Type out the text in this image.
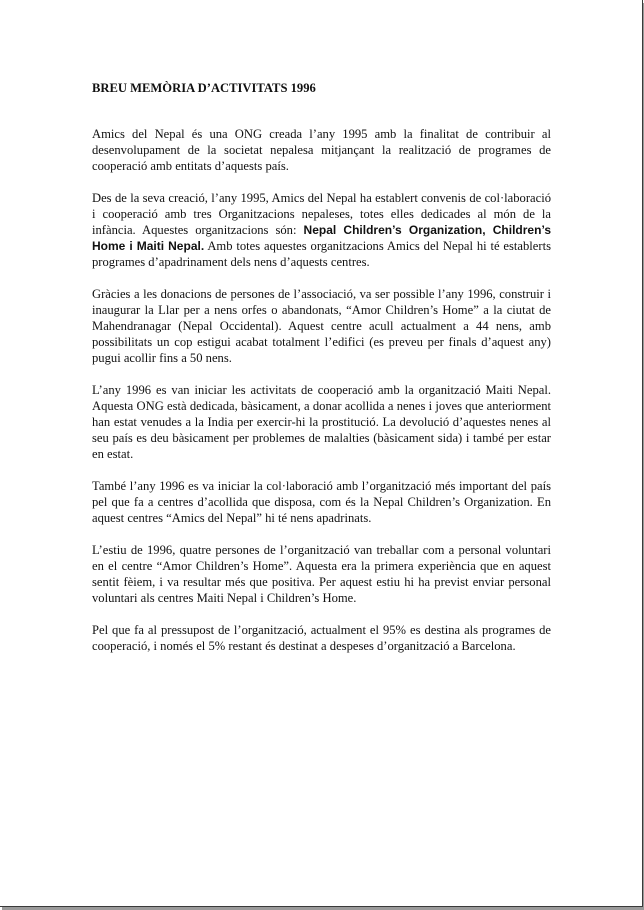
BREU MEMÒRIA D’ACTIVITATS 1996

Amics del Nepal és una ONG creada l’any 1995 amb la finalitat de contribuir al desenvolupament de la societat nepalesa mitjançant la realització de programes de cooperació amb entitats d’aquests país.

Des de la seva creació, l’any 1995, Amics del Nepal ha establert convenis de col·laboració i cooperació amb tres Organitzacions nepaleses, totes elles dedicades al món de la infància. Aquestes organitzacions són: Nepal Children’s Organization, Children’s Home i Maiti Nepal. Amb totes aquestes organitzacions Amics del Nepal hi té establerts programes d’apadrinament dels nens d’aquests centres.

Gràcies a les donacions de persones de l’associació, va ser possible l’any 1996, construir i inaugurar la Llar per a nens orfes o abandonats, “Amor Children’s Home” a la ciutat de Mahendranagar (Nepal Occidental). Aquest centre acull actualment a 44 nens, amb possibilitats un cop estigui acabat totalment l’edifici (es preveu per finals d’aquest any) pugui acollir fins a 50 nens.

L’any 1996 es van iniciar les activitats de cooperació amb la organització Maiti Nepal. Aquesta ONG està dedicada, bàsicament, a donar acollida a nenes i joves que anteriorment han estat venudes a la India per exercir-hi la prostitució. La devolució d’aquestes nenes al seu país es deu bàsicament per problemes de malalties (bàsicament sida) i també per estar en estat.

També l’any 1996 es va iniciar la col·laboració amb l’organització més important del país pel que fa a centres d’acollida que disposa, com és la Nepal Children’s Organization. En aquest centres “Amics del Nepal” hi té nens apadrinats.

L’estiu de 1996, quatre persones de l’organització van treballar com a personal voluntari en el centre “Amor Children’s Home”. Aquesta era la primera experiència que en aquest sentit fèiem, i va resultar més que positiva. Per aquest estiu hi ha previst enviar personal voluntari als centres Maiti Nepal i Children’s Home.

Pel que fa al pressupost de l’organització, actualment el 95% es destina als programes de cooperació, i només el 5% restant és destinat a despeses d’organització a Barcelona.
